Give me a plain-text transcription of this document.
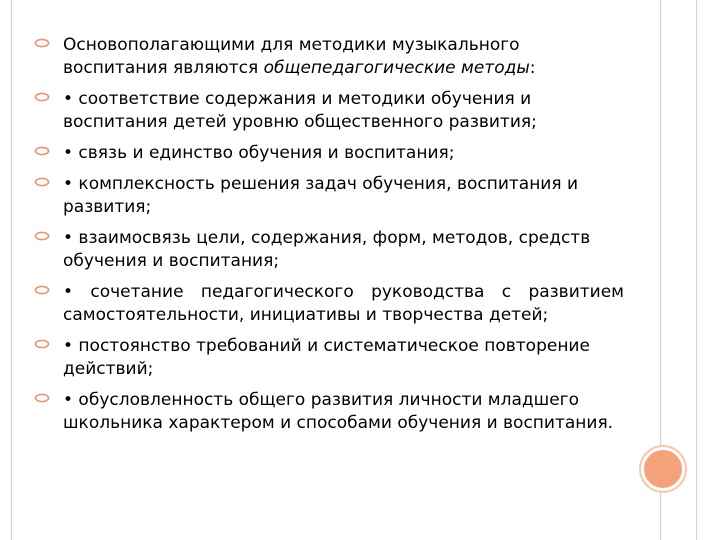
Основополагающими для методики музыкального воспитания являются общепедагогические методы:
• соответствие содержания и методики обучения и воспитания детей уровню общественного развития;
• связь и единство обучения и воспитания;
• комплексность решения задач обучения, воспитания и развития;
• взаимосвязь цели, содержания, форм, методов, средств обучения и воспитания;
• сочетание педагогического руководства с развитием самостоятельности, инициативы и творчества детей;
• постоянство требований и систематическое повторение действий;
• обусловленность общего развития личности младшего школьника характером и способами обучения и воспитания.
